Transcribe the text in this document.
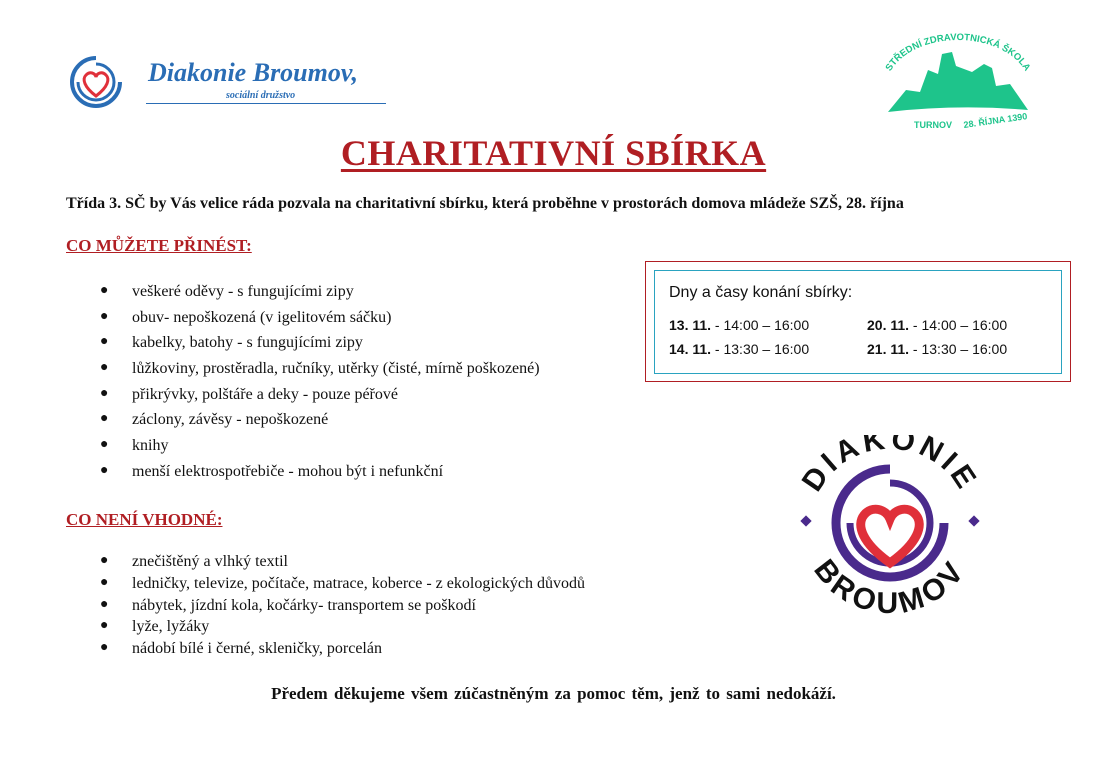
Diakonie Broumov,
sociální družstvo
STŘEDNÍ ZDRAVOTNICKÁ ŠKOLA
TURNOV 28. ŘÍJNA 1390
CHARITATIVNÍ SBÍRKA
Třída 3. SČ by Vás velice ráda pozvala na charitativní sbírku, která proběhne v prostorách domova mládeže SZŠ, 28. října
CO MŮŽETE PŘINÉST:
● veškeré oděvy - s fungujícími zipy
● obuv- nepoškozená (v igelitovém sáčku)
● kabelky, batohy - s fungujícími zipy
● lůžkoviny, prostěradla, ručníky, utěrky (čisté, mírně poškozené)
● přikrývky, polštáře a deky - pouze péřové
● záclony, závěsy - nepoškozené
● knihy
● menší elektrospotřebiče - mohou být i nefunkční
CO NENÍ VHODNÉ:
● znečištěný a vlhký textil
● ledničky, televize, počítače, matrace, koberce - z ekologických důvodů
● nábytek, jízdní kola, kočárky- transportem se poškodí
● lyže, lyžáky
● nádobí bílé i černé, skleničky, porcelán
Dny a časy konání sbírky:
13. 11. - 14:00 – 16:00	20. 11. - 14:00 – 16:00
14. 11. - 13:30 – 16:00	21. 11. - 13:30 – 16:00
DIAKONIE
BROUMOV
Předem děkujeme všem zúčastněným za pomoc těm, jenž to sami nedokáží.
